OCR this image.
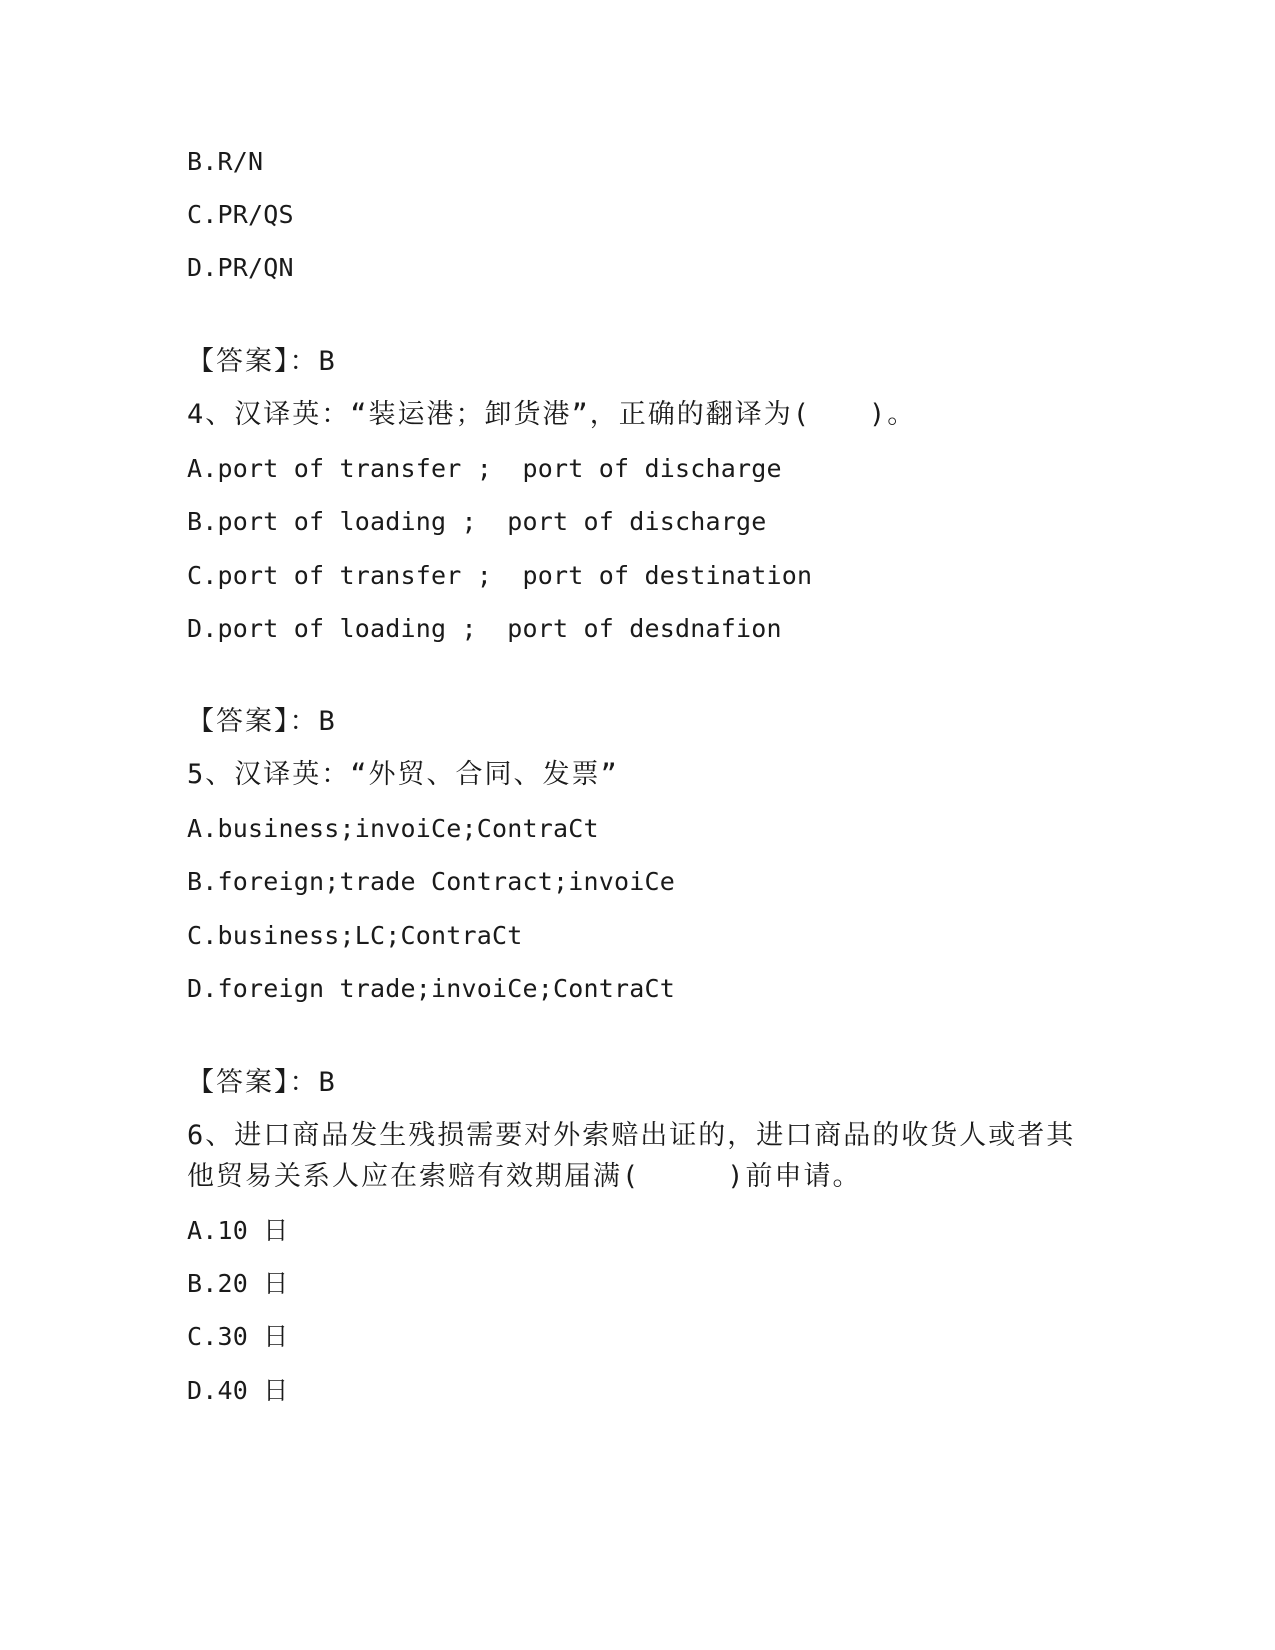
B.R/N
C.PR/QS
D.PR/QN
【答案】：B
4、汉译英：“装运港；卸货港”，正确的翻译为(　　)。
A.port of transfer ;  port of discharge
B.port of loading ;  port of discharge
C.port of transfer ;  port of destination
D.port of loading ;  port of desdnafion
【答案】：B
5、汉译英：“外贸、合同、发票”
A.business;invoiCe;ContraCt
B.foreign;trade Contract;invoiCe
C.business;LC;ContraCt
D.foreign trade;invoiCe;ContraCt
【答案】：B
6、进口商品发生残损需要对外索赔出证的，进口商品的收货人或者其
他贸易关系人应在索赔有效期届满(　　　)前申请。
A.10 日
B.20 日
C.30 日
D.40 日
